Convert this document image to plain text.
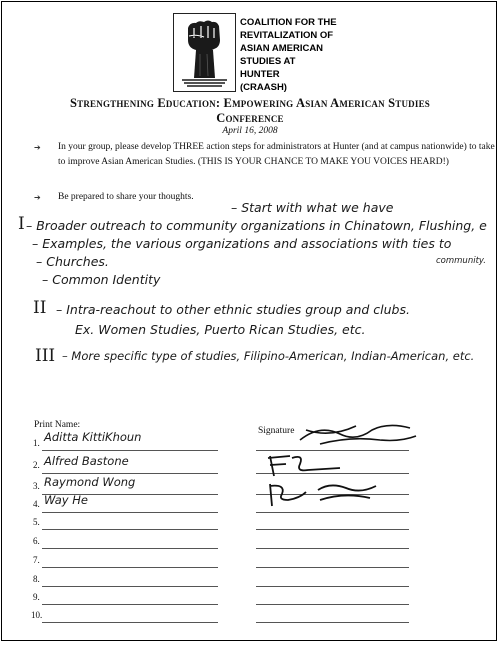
COALITION FOR THE
REVITALIZATION OF
ASIAN AMERICAN
STUDIES AT
HUNTER
(CRAASH)
Strengthening Education: Empowering Asian American Studies
Conference
April 16, 2008
➔ In your group, please develop THREE action steps for administrators at Hunter (and at campus nationwide) to take to improve Asian American Studies. (THIS IS YOUR CHANCE TO MAKE YOU VOICES HEARD!)
➔ Be prepared to share your thoughts.
– Start with what we have
I – Broader outreach to community organizations in Chinatown, Flushing, e
– Examples, the various organizations and associations with ties to
community.
– Churches.
– Common Identity
II – Intra-reachout to other ethnic studies group and clubs.
Ex. Women Studies, Puerto Rican Studies, etc.
III – More specific type of studies, Filipino-American, Indian-American, etc.
Print Name:
Signature
1. Aditta KittiKhoun
2. Alfred Bastone
3. Raymond Wong
4. Way He
5.
6.
7.
8.
9.
10.
